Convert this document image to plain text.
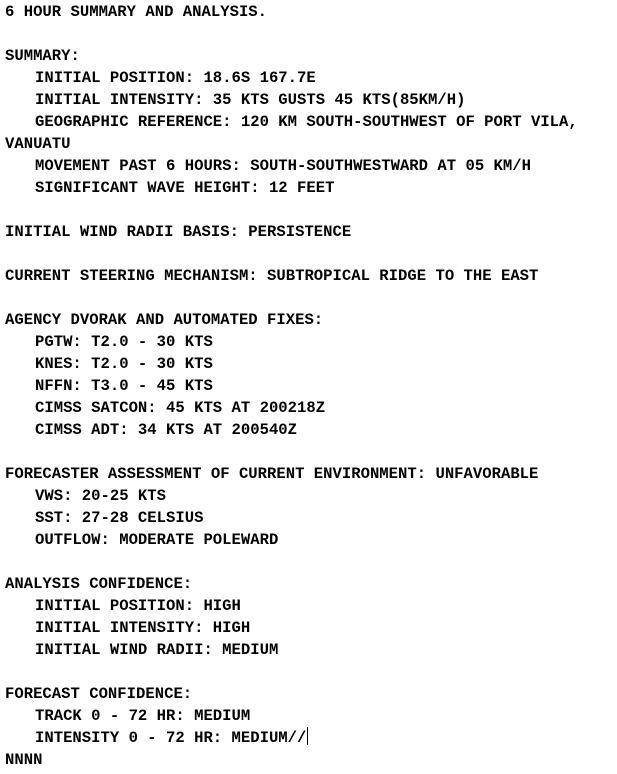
6 HOUR SUMMARY AND ANALYSIS.
SUMMARY:
INITIAL POSITION: 18.6S 167.7E
INITIAL INTENSITY: 35 KTS GUSTS 45 KTS(85KM/H)
GEOGRAPHIC REFERENCE: 120 KM SOUTH-SOUTHWEST OF PORT VILA,
VANUATU
MOVEMENT PAST 6 HOURS: SOUTH-SOUTHWESTWARD AT 05 KM/H
SIGNIFICANT WAVE HEIGHT: 12 FEET
INITIAL WIND RADII BASIS: PERSISTENCE
CURRENT STEERING MECHANISM: SUBTROPICAL RIDGE TO THE EAST
AGENCY DVORAK AND AUTOMATED FIXES:
PGTW: T2.0 - 30 KTS
KNES: T2.0 - 30 KTS
NFFN: T3.0 - 45 KTS
CIMSS SATCON: 45 KTS AT 200218Z
CIMSS ADT: 34 KTS AT 200540Z
FORECASTER ASSESSMENT OF CURRENT ENVIRONMENT: UNFAVORABLE
VWS: 20-25 KTS
SST: 27-28 CELSIUS
OUTFLOW: MODERATE POLEWARD
ANALYSIS CONFIDENCE:
INITIAL POSITION: HIGH
INITIAL INTENSITY: HIGH
INITIAL WIND RADII: MEDIUM
FORECAST CONFIDENCE:
TRACK 0 - 72 HR: MEDIUM
INTENSITY 0 - 72 HR: MEDIUM//
NNNN
